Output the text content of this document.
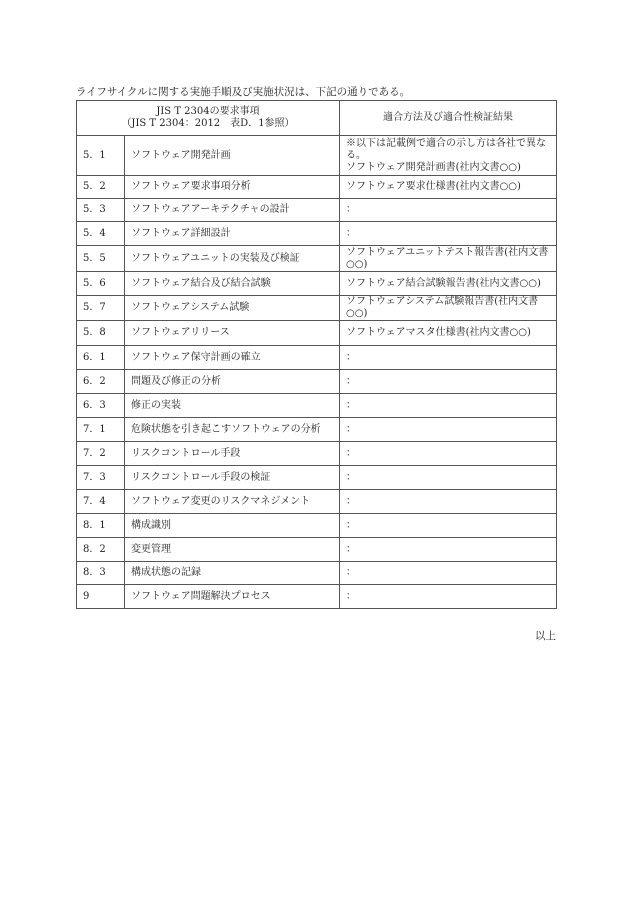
ライフサイクルに関する実施手順及び実施状況は、下記の通りである。
JIS T 2304の要求事項
（JIS T 2304：2012　表D．1参照）		適合方法及び適合性検証結果
5．1	ソフトウェア開発計画	※以下は記載例で適合の示し方は各社で異なる。
ソフトウェア開発計画書(社内文書○○)
5．2	ソフトウェア要求事項分析	ソフトウェア要求仕様書(社内文書○○)
5．3	ソフトウェアアーキテクチャの設計	：
5．4	ソフトウェア詳細設計	：
5．5	ソフトウェアユニットの実装及び検証	ソフトウェアユニットテスト報告書(社内文書○○)
5．6	ソフトウェア結合及び結合試験	ソフトウェア結合試験報告書(社内文書○○)
5．7	ソフトウェアシステム試験	ソフトウェアシステム試験報告書(社内文書○○)
5．8	ソフトウェアリリース	ソフトウェアマスタ仕様書(社内文書○○)
6．1	ソフトウェア保守計画の確立	：
6．2	問題及び修正の分析	：
6．3	修正の実装	：
7．1	危険状態を引き起こすソフトウェアの分析	：
7．2	リスクコントロール手段	：
7．3	リスクコントロール手段の検証	：
7．4	ソフトウェア変更のリスクマネジメント	：
8．1	構成識別	：
8．2	変更管理	：
8．3	構成状態の記録	：
9	ソフトウェア問題解決プロセス	：
以上
